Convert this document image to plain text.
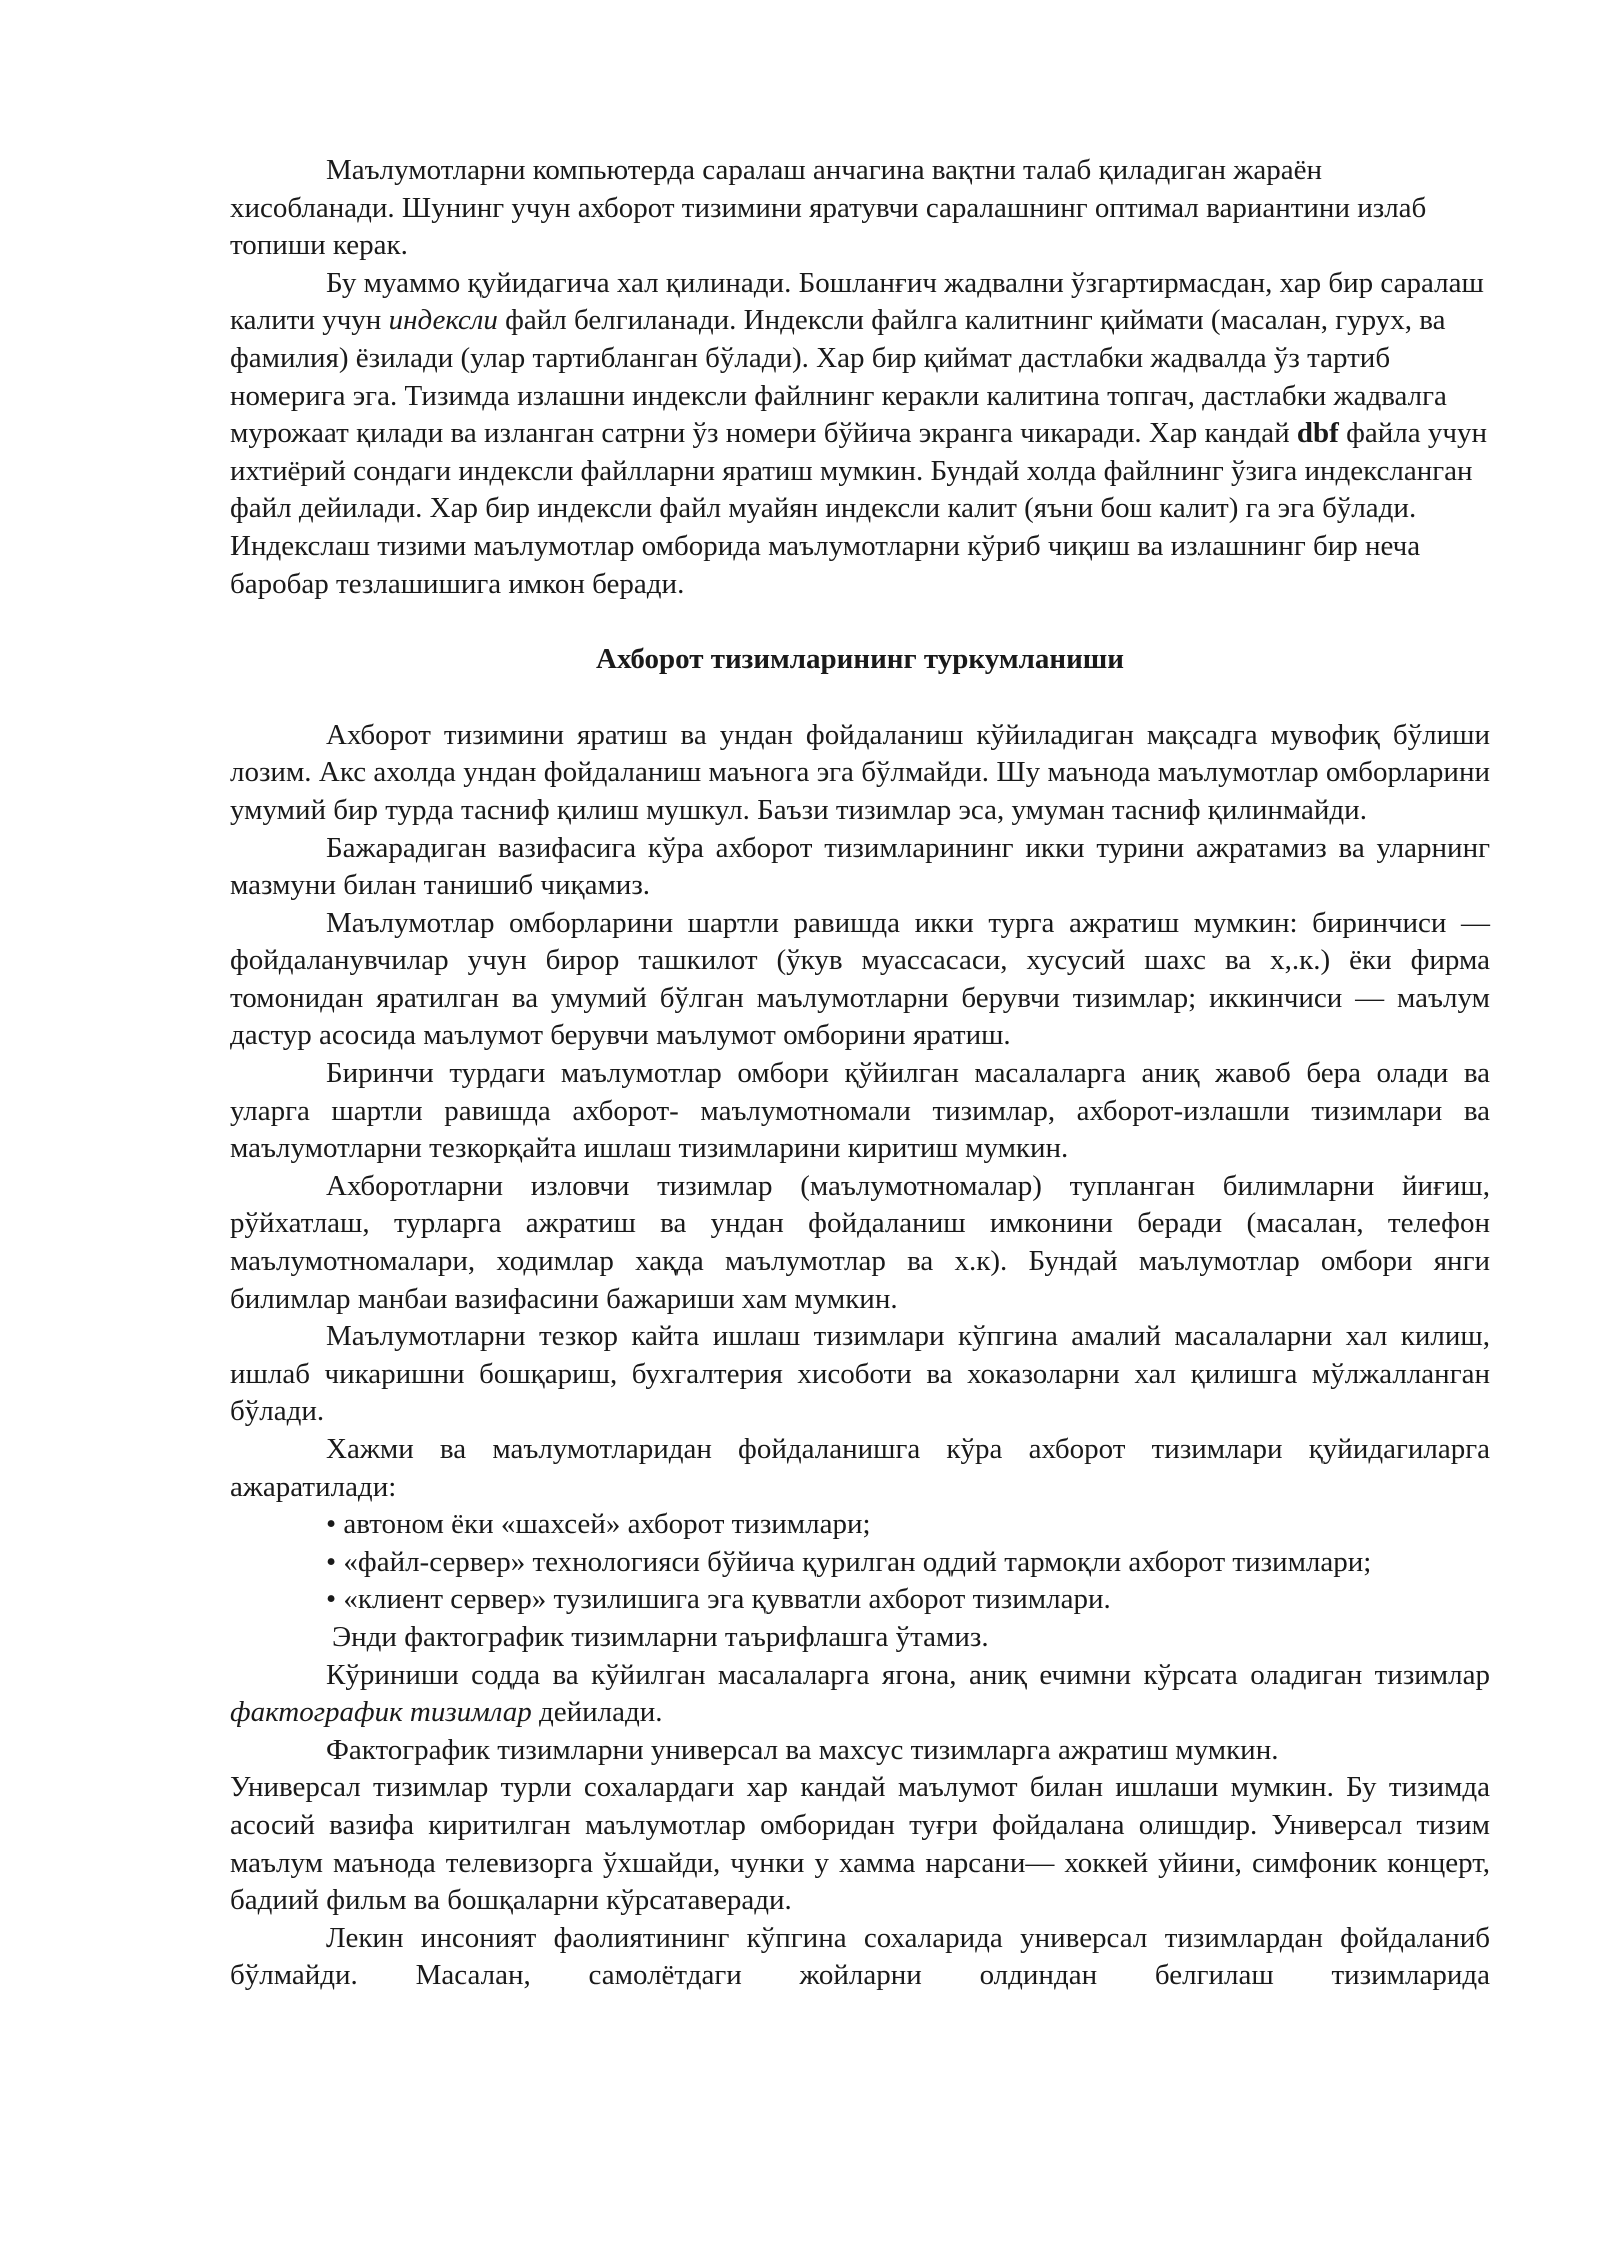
Маълумотларни компьютерда саралаш анчагина вақтни талаб қиладиган жараён хисобланади. Шунинг учун ахборот тизимини яратувчи саралашнинг оптимал вариантини излаб топиши керак.

Бу муаммо қуйидагича хал қилинади. Бошланғич жадвални ўзгартирмасдан, хар бир саралаш калити учун индексли файл белгиланади. Индексли файлга калитнинг қиймати (масалан, гурух, ва фамилия) ёзилади (улар тартибланган бўлади). Хар бир қиймат дастлабки жадвалда ўз тартиб номерига эга. Тизимда излашни индексли файлнинг керакли калитина топгач, дастлабки жадвалга мурожаат қилади ва изланган сатрни ўз номери бўйича экранга чикаради. Хар кандай dbf файла учун ихтиёрий сондаги индексли файлларни яратиш мумкин. Бундай холда файлнинг ўзига индексланган файл дейилади. Хар бир индексли файл муайян индексли калит (яъни бош калит) га эга бўлади. Индекслаш тизими маълумотлар омборида маълумотларни кўриб чиқиш ва излашнинг бир неча баробар тезлашишига имкон беради.

Ахборот тизимларининг туркумланиши

Ахборот тизимини яратиш ва ундан фойдаланиш кўйиладиган мақсадга мувофиқ бўлиши лозим. Акс ахолда ундан фойдаланиш маънога эга бўлмайди. Шу маънода маълумотлар омборларини умумий бир турда тасниф қилиш мушкул. Баъзи тизимлар эса, умуман тасниф қилинмайди.

Бажарадиган вазифасига кўра ахборот тизимларининг икки турини ажратамиз ва уларнинг мазмуни билан танишиб чиқамиз.

Маълумотлар омборларини шартли равишда икки турга ажратиш мумкин: биринчиси — фойдаланувчилар учун бирор ташкилот (ўкув муассасаси, хусусий шахс ва х,.к.) ёки фирма томонидан яратилган ва умумий бўлган маълумотларни берувчи тизимлар; иккинчиси — маълум дастур асосида маълумот берувчи маълумот омборини яратиш.

Биринчи турдаги маълумотлар омбори қўйилган масалаларга аниқ жавоб бера олади ва уларга шартли равишда ахборот- маълумотномали тизимлар, ахборот-излашли тизимлари ва маълумотларни тезкорқайта ишлаш тизимларини киритиш мумкин.

Ахборотларни изловчи тизимлар (маълумотномалар) тупланган билимларни йиғиш, рўйхатлаш, турларга ажратиш ва ундан фойдаланиш имконини беради (масалан, телефон маълумотномалари, ходимлар хақда маълумотлар ва х.к). Бундай маълумотлар омбори янги билимлар манбаи вазифасини бажариши хам мумкин.

Маълумотларни тезкор кайта ишлаш тизимлари кўпгина амалий масалаларни хал килиш, ишлаб чикаришни бошқариш, бухгалтерия хисоботи ва хоказоларни хал қилишга мўлжалланган бўлади.

Хажми ва маълумотларидан фойдаланишга кўра ахборот тизимлари қуйидагиларга ажаратилади:

• автоном ёки «шахсей» ахборот тизимлари;

• «файл-сервер» технологияси бўйича қурилган оддий тармоқли ахборот тизимлари;

• «клиент сервер» тузилишига эга қувватли ахборот тизимлари.

Энди фактографик тизимларни таърифлашга ўтамиз.

Кўриниши содда ва кўйилган масалаларга ягона, аниқ ечимни кўрсата оладиган тизимлар фактографик тизимлар дейилади.

Фактографик тизимларни универсал ва махсус тизимларга ажратиш мумкин.

Универсал тизимлар турли сохалардаги хар кандай маълумот билан ишлаши мумкин. Бу тизимда асосий вазифа киритилган маълумотлар омборидан туғри фойдалана олишдир. Универсал тизим маълум маънода телевизорга ўхшайди, чунки у хамма нарсани— хоккей уйини, симфоник концерт, бадиий фильм ва бошқаларни кўрсатаверади.

Лекин инсоният фаолиятининг кўпгина сохаларида универсал тизимлардан фойдаланиб бўлмайди. Масалан, самолётдаги жойларни олдиндан белгилаш тизимларида
